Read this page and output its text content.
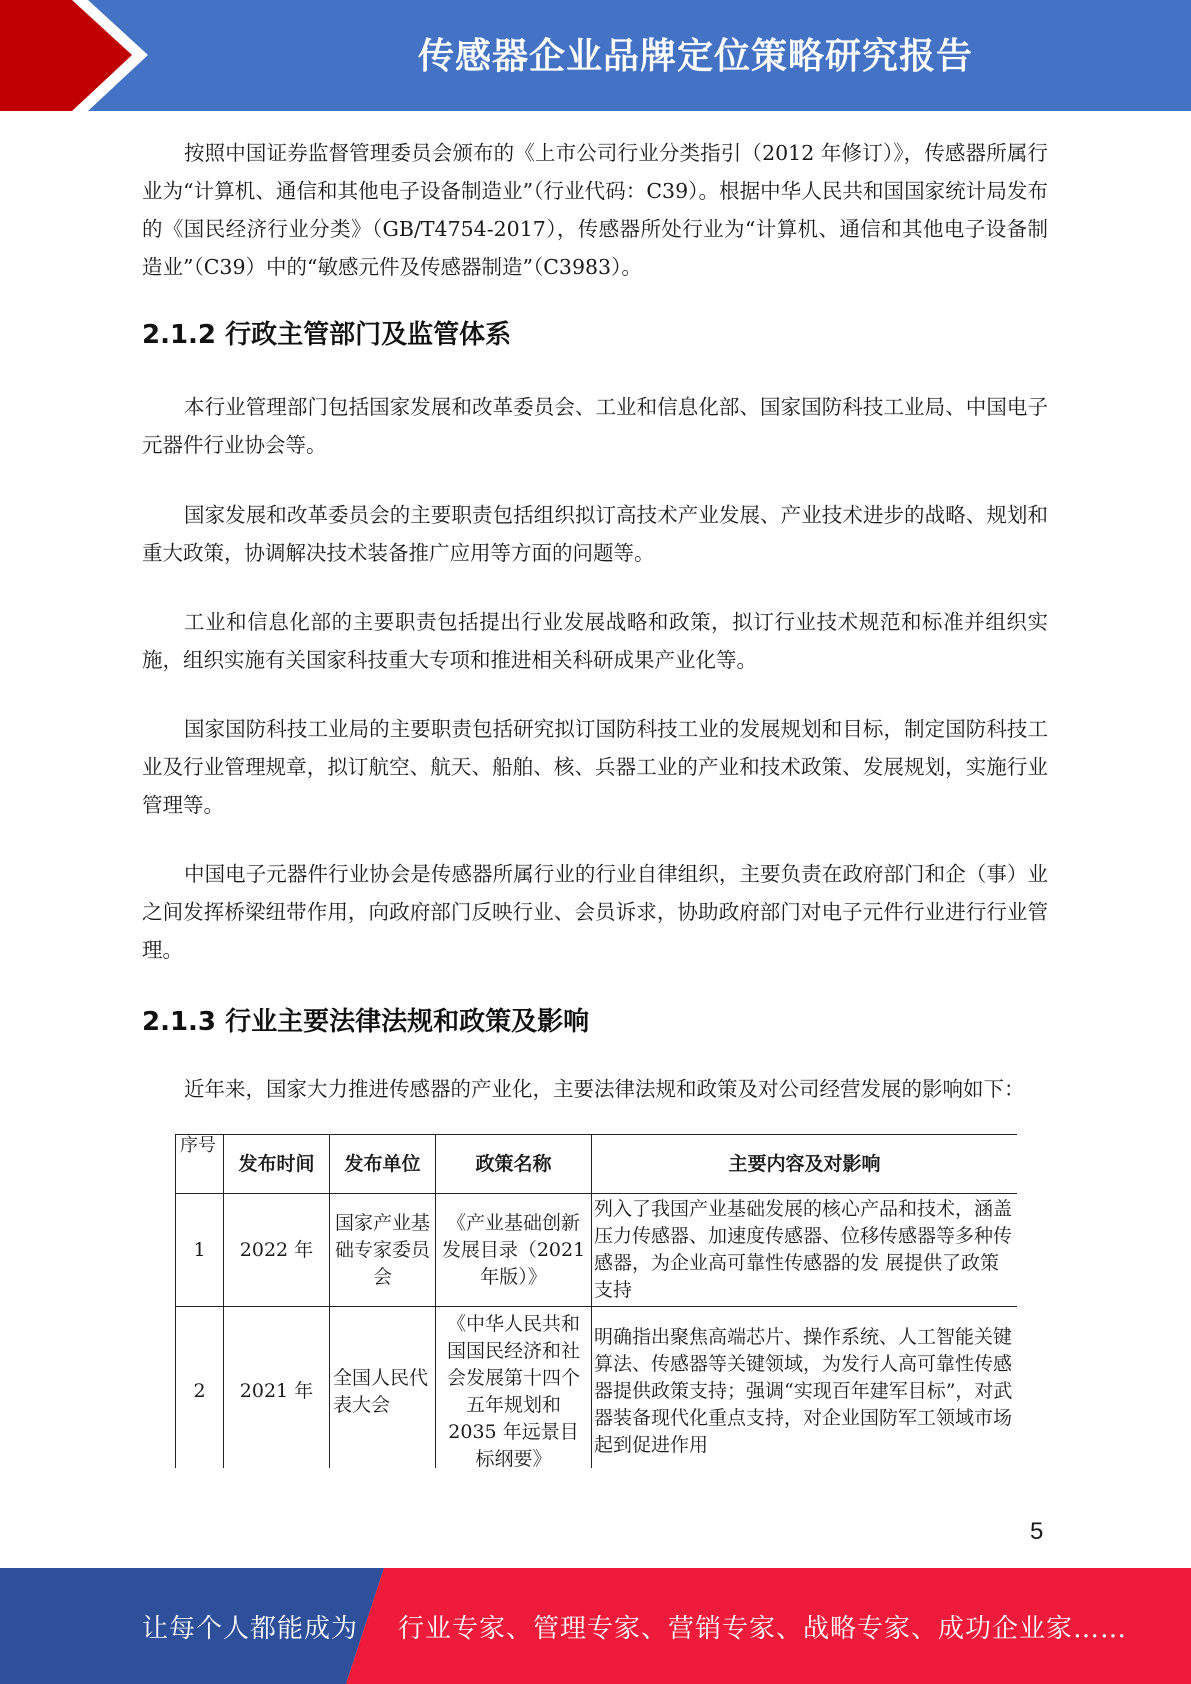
传感器企业品牌定位策略研究报告
按照中国证券监督管理委员会颁布的《上市公司行业分类指引（2012 年修订）》，传感器所属行业为“计算机、通信和其他电子设备制造业”（行业代码：C39）。根据中华人民共和国国家统计局发布的《国民经济行业分类》（GB/T4754-2017），传感器所处行业为“计算机、通信和其他电子设备制造业”（C39）中的“敏感元件及传感器制造”（C3983）。
2.1.2 行政主管部门及监管体系
本行业管理部门包括国家发展和改革委员会、工业和信息化部、国家国防科技工业局、中国电子元器件行业协会等。
国家发展和改革委员会的主要职责包括组织拟订高技术产业发展、产业技术进步的战略、规划和重大政策，协调解决技术装备推广应用等方面的问题等。
工业和信息化部的主要职责包括提出行业发展战略和政策，拟订行业技术规范和标准并组织实施，组织实施有关国家科技重大专项和推进相关科研成果产业化等。
国家国防科技工业局的主要职责包括研究拟订国防科技工业的发展规划和目标，制定国防科技工业及行业管理规章，拟订航空、航天、船舶、核、兵器工业的产业和技术政策、发展规划，实施行业管理等。
中国电子元器件行业协会是传感器所属行业的行业自律组织，主要负责在政府部门和企（事）业之间发挥桥梁纽带作用，向政府部门反映行业、会员诉求，协助政府部门对电子元件行业进行行业管理。
2.1.3 行业主要法律法规和政策及影响
近年来，国家大力推进传感器的产业化，主要法律法规和政策及对公司经营发展的影响如下：
序号	发布时间	发布单位	政策名称	主要内容及对影响
1	2022 年	国家产业基础专家委员会	《产业基础创新发展目录（2021 年版）》	列入了我国产业基础发展的核心产品和技术，涵盖压力传感器、加速度传感器、位移传感器等多种传感器，为企业高可靠性传感器的发 展提供了政策支持
2	2021 年	全国人民代表大会	《中华人民共和国国民经济和社会发展第十四个五年规划和 2035 年远景目标纲要》	明确指出聚焦高端芯片、操作系统、人工智能关键算法、传感器等关键领域，为发行人高可靠性传感器提供政策支持；强调“实现百年建军目标”，对武器装备现代化重点支持，对企业国防军工领域市场起到促进作用
5
让每个人都能成为 行业专家、管理专家、营销专家、战略专家、成功企业家……
